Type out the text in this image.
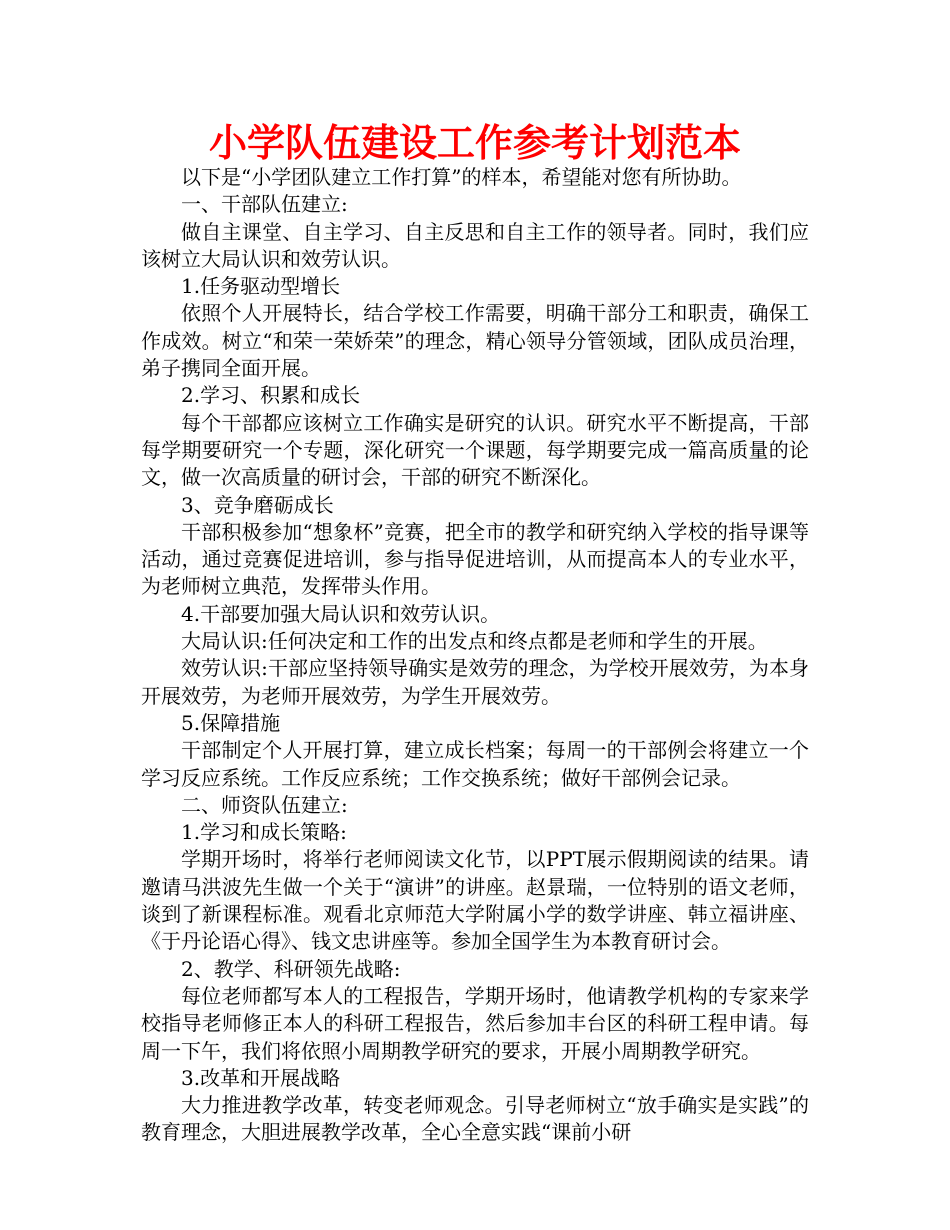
小学队伍建设工作参考计划范本

以下是“小学团队建立工作打算”的样本，希望能对您有所协助。

一、干部队伍建立:

做自主课堂、自主学习、自主反思和自主工作的领导者。同时，我们应该树立大局认识和效劳认识。

1.任务驱动型增长

依照个人开展特长，结合学校工作需要，明确干部分工和职责，确保工作成效。树立“和荣一荣娇荣”的理念，精心领导分管领域，团队成员治理，弟子携同全面开展。

2.学习、积累和成长

每个干部都应该树立工作确实是研究的认识。研究水平不断提高，干部每学期要研究一个专题，深化研究一个课题，每学期要完成一篇高质量的论文，做一次高质量的研讨会，干部的研究不断深化。

3、竞争磨砺成长

干部积极参加“想象杯”竞赛，把全市的教学和研究纳入学校的指导课等活动，通过竞赛促进培训，参与指导促进培训，从而提高本人的专业水平，为老师树立典范，发挥带头作用。

4.干部要加强大局认识和效劳认识。

大局认识:任何决定和工作的出发点和终点都是老师和学生的开展。

效劳认识:干部应坚持领导确实是效劳的理念，为学校开展效劳，为本身开展效劳，为老师开展效劳，为学生开展效劳。

5.保障措施

干部制定个人开展打算，建立成长档案；每周一的干部例会将建立一个学习反应系统。工作反应系统；工作交换系统；做好干部例会记录。

二、师资队伍建立:

1.学习和成长策略:

学期开场时，将举行老师阅读文化节，以PPT展示假期阅读的结果。请邀请马洪波先生做一个关于“演讲”的讲座。赵景瑞，一位特别的语文老师，谈到了新课程标准。观看北京师范大学附属小学的数学讲座、韩立福讲座、《于丹论语心得》、钱文忠讲座等。参加全国学生为本教育研讨会。

2、教学、科研领先战略:

每位老师都写本人的工程报告，学期开场时，他请教学机构的专家来学校指导老师修正本人的科研工程报告，然后参加丰台区的科研工程申请。每周一下午，我们将依照小周期教学研究的要求，开展小周期教学研究。

3.改革和开展战略

大力推进教学改革，转变老师观念。引导老师树立“放手确实是实践”的教育理念，大胆进展教学改革，全心全意实践“课前小研
